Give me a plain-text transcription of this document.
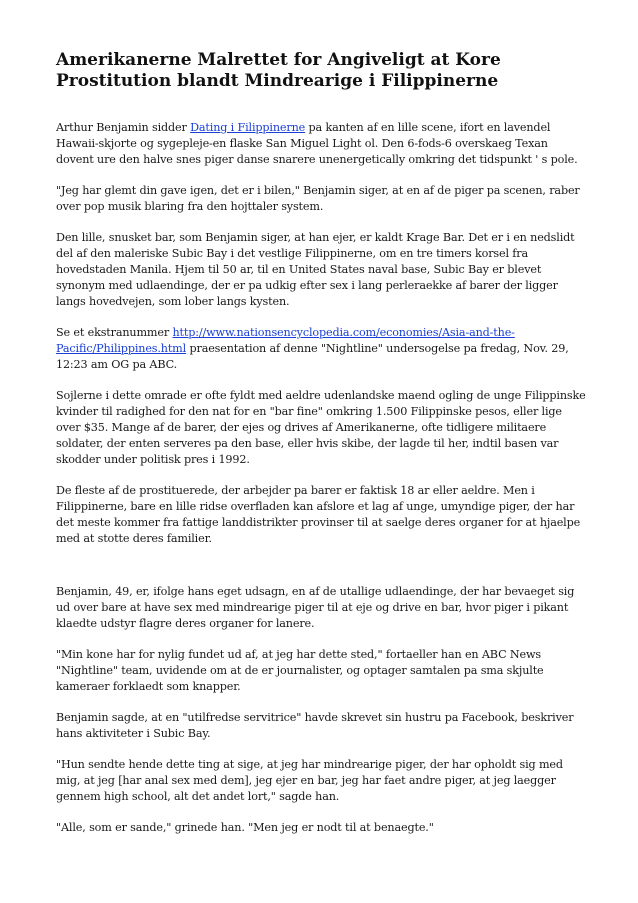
Amerikanerne Malrettet for Angiveligt at Kore Prostitution blandt Mindrearige i Filippinerne

Arthur Benjamin sidder Dating i Filippinerne pa kanten af en lille scene, ifort en lavendel Hawaii-skjorte og sygepleje-en flaske San Miguel Light ol. Den 6-fods-6 overskaeg Texan dovent ure den halve snes piger danse snarere unenergetically omkring det tidspunkt ' s pole.

"Jeg har glemt din gave igen, det er i bilen," Benjamin siger, at en af de piger pa scenen, raber over pop musik blaring fra den hojttaler system.

Den lille, snusket bar, som Benjamin siger, at han ejer, er kaldt Krage Bar. Det er i en nedslidt del af den maleriske Subic Bay i det vestlige Filippinerne, om en tre timers korsel fra hovedstaden Manila. Hjem til 50 ar, til en United States naval base, Subic Bay er blevet synonym med udlaendinge, der er pa udkig efter sex i lang perleraekke af barer der ligger langs hovedvejen, som lober langs kysten.

Se et ekstranummer http://www.nationsencyclopedia.com/economies/Asia-and-the-Pacific/Philippines.html praesentation af denne "Nightline" undersogelse pa fredag, Nov. 29, 12:23 am OG pa ABC.

Sojlerne i dette omrade er ofte fyldt med aeldre udenlandske maend ogling de unge Filippinske kvinder til radighed for den nat for en "bar fine" omkring 1.500 Filippinske pesos, eller lige over $35. Mange af de barer, der ejes og drives af Amerikanerne, ofte tidligere militaere soldater, der enten serveres pa den base, eller hvis skibe, der lagde til her, indtil basen var skodder under politisk pres i 1992.

De fleste af de prostituerede, der arbejder pa barer er faktisk 18 ar eller aeldre. Men i Filippinerne, bare en lille ridse overfladen kan afslore et lag af unge, umyndige piger, der har det meste kommer fra fattige landdistrikter provinser til at saelge deres organer for at hjaelpe med at stotte deres familier.

Benjamin, 49, er, ifolge hans eget udsagn, en af de utallige udlaendinge, der har bevaeget sig ud over bare at have sex med mindrearige piger til at eje og drive en bar, hvor piger i pikant klaedte udstyr flagre deres organer for lanere.

"Min kone har for nylig fundet ud af, at jeg har dette sted," fortaeller han en ABC News "Nightline" team, uvidende om at de er journalister, og optager samtalen pa sma skjulte kameraer forklaedt som knapper.

Benjamin sagde, at en "utilfredse servitrice" havde skrevet sin hustru pa Facebook, beskriver hans aktiviteter i Subic Bay.

"Hun sendte hende dette ting at sige, at jeg har mindrearige piger, der har opholdt sig med mig, at jeg [har anal sex med dem], jeg ejer en bar, jeg har faet andre piger, at jeg laegger gennem high school, alt det andet lort," sagde han.

"Alle, som er sande," grinede han. "Men jeg er nodt til at benaegte."
